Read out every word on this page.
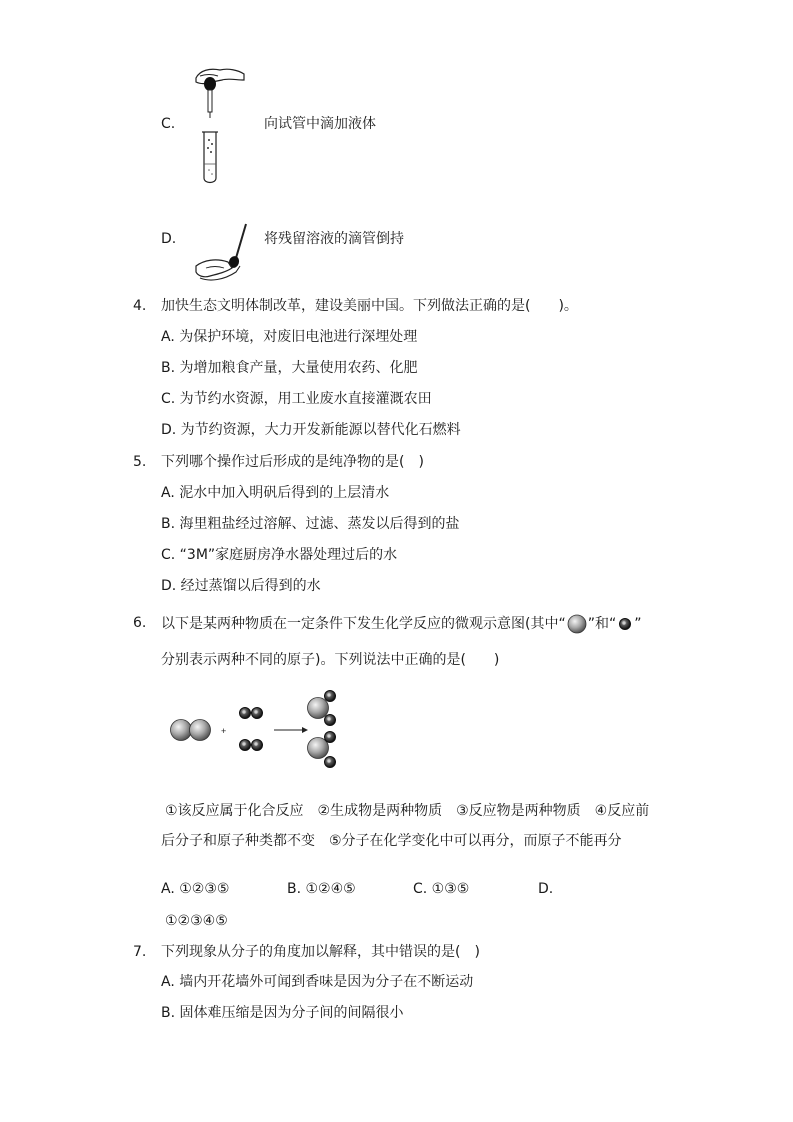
C.	向试管中滴加液体
D.	将残留溶液的滴管倒持
4. 加快生态文明体制改革，建设美丽中国。下列做法正确的是(　　)。
A. 为保护环境，对废旧电池进行深埋处理
B. 为增加粮食产量，大量使用农药、化肥
C. 为节约水资源，用工业废水直接灌溉农田
D. 为节约资源，大力开发新能源以替代化石燃料
5. 下列哪个操作过后形成的是纯净物的是(　)
A. 泥水中加入明矾后得到的上层清水
B. 海里粗盐经过溶解、过滤、蒸发以后得到的盐
C. “3M”家庭厨房净水器处理过后的水
D. 经过蒸馏以后得到的水
6. 以下是某两种物质在一定条件下发生化学反应的微观示意图(其中“ ”和“ ”
分别表示两种不同的原子)。下列说法中正确的是(　　)
+
①该反应属于化合反应　②生成物是两种物质　③反应物是两种物质　④反应前
后分子和原子种类都不变　⑤分子在化学变化中可以再分，而原子不能再分
A. ①②③⑤	B. ①②④⑤	C. ①③⑤	D.
①②③④⑤
7. 下列现象从分子的角度加以解释，其中错误的是(　)
A. 墙内开花墙外可闻到香味是因为分子在不断运动
B. 固体难压缩是因为分子间的间隔很小
